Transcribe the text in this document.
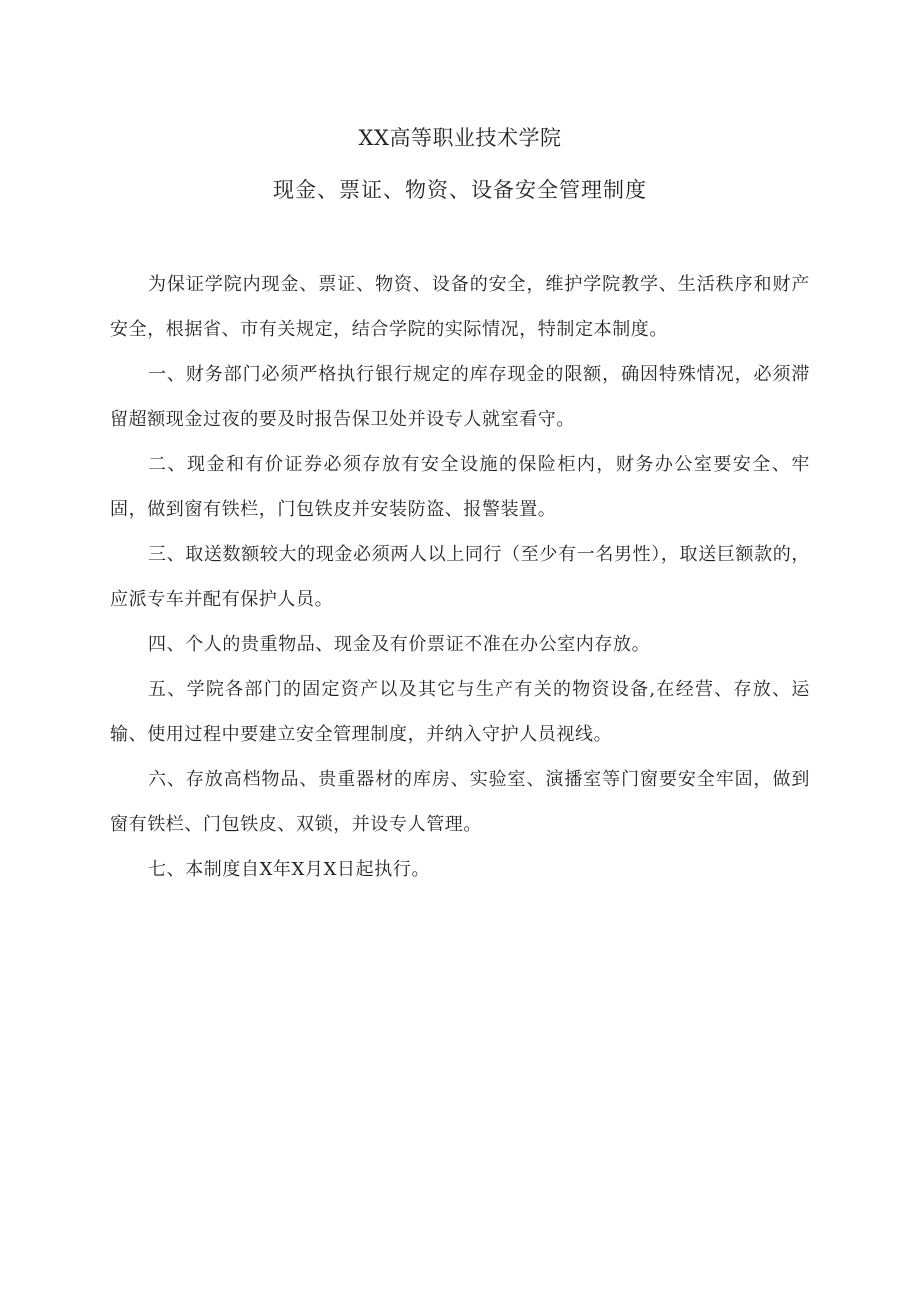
XX高等职业技术学院
现金、票证、物资、设备安全管理制度

为保证学院内现金、票证、物资、设备的安全，维护学院教学、生活秩序和财产安全，根据省、市有关规定，结合学院的实际情况，特制定本制度。

一、财务部门必须严格执行银行规定的库存现金的限额，确因特殊情况，必须滞留超额现金过夜的要及时报告保卫处并设专人就室看守。

二、现金和有价证券必须存放有安全设施的保险柜内，财务办公室要安全、牢固，做到窗有铁栏，门包铁皮并安装防盗、报警装置。

三、取送数额较大的现金必须两人以上同行（至少有一名男性），取送巨额款的，应派专车并配有保护人员。

四、个人的贵重物品、现金及有价票证不准在办公室内存放。

五、学院各部门的固定资产以及其它与生产有关的物资设备,在经营、存放、运输、使用过程中要建立安全管理制度，并纳入守护人员视线。

六、存放高档物品、贵重器材的库房、实验室、演播室等门窗要安全牢固，做到窗有铁栏、门包铁皮、双锁，并设专人管理。

七、本制度自X年X月X日起执行。
